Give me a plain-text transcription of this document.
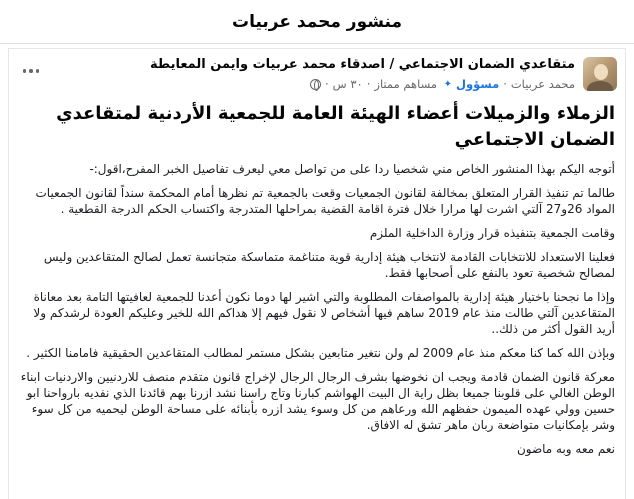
منشور محمد عربيات
متقاعدي الضمان الاجتماعي / اصدقاء محمد عربيات وايمن المعايطة
محمد عربيات
·
مسؤول
✦
مساهم ممتاز
·
٣٠ س
·
الزملاء والزميلات أعضاء الهيئة العامة للجمعية الأردنية لمتقاعدي الضمان الاجتماعي

أتوجه اليكم بهذا المنشور الخاص مني شخصيا ردا على من تواصل معي ليعرف تفاصيل الخبر المفرح،اقول:-

طالما تم تنفيذ القرار المتعلق بمخالفة لقانون الجمعيات وقعت بالجمعية تم نظرها أمام المحكمة سنداً لقانون الجمعيات المواد 26و27 آلتي اشرت لها مرارا خلال فترة اقامة القضية بمراحلها المتدرجة واكتساب الحكم الدرجة القطعية .

وقامت الجمعية بتنفيذه قرار وزارة الداخلية الملزم

فعلينا الاستعداد للانتخابات القادمة لانتخاب هيئة إدارية قوية متناغمة متماسكة متجانسة تعمل لصالح المتقاعدين وليس لمصالح شخصية تعود بالنفع على أصحابها فقط.

وإذا ما نجحنا باختيار هيئة إدارية بالمواصفات المطلوبة والتي اشير لها دوما نكون أعدنا للجمعية لعافيتها التامة بعد معاناة المتقاعدين آلتي طالت منذ عام 2019 ساهم فيها أشخاص لا نقول فيهم إلا هداكم الله للخير وعليكم العودة لرشدكم ولا أريد القول أكثر من ذلك..

وبإذن الله كما كنا معكم منذ عام 2009 لم ولن نتغير متابعين بشكل مستمر لمطالب المتقاعدين الحقيقية فامامنا الكثير .

معركة قانون الضمان قادمة ويجب ان نخوضها بشرف الرجال الرجال لإخراج قانون متقدم منصف للاردنيين والاردنيات ابناء الوطن الغالي على قلوبنا جميعا بظل راية ال البيت الهواشم كبارنا وتاج راسنا نشد ازرنا بهم قائدنا الذي نفديه بارواحنا ابو حسين وولي عهده الميمون حفظهم الله ورعاهم من كل وسوء يشد ازره بأبنائه على مساحة الوطن ليحميه من كل سوء وشر بإمكانيات متواضعة ربان ماهر تشق له الافاق.

نعم معه وبه ماضون
